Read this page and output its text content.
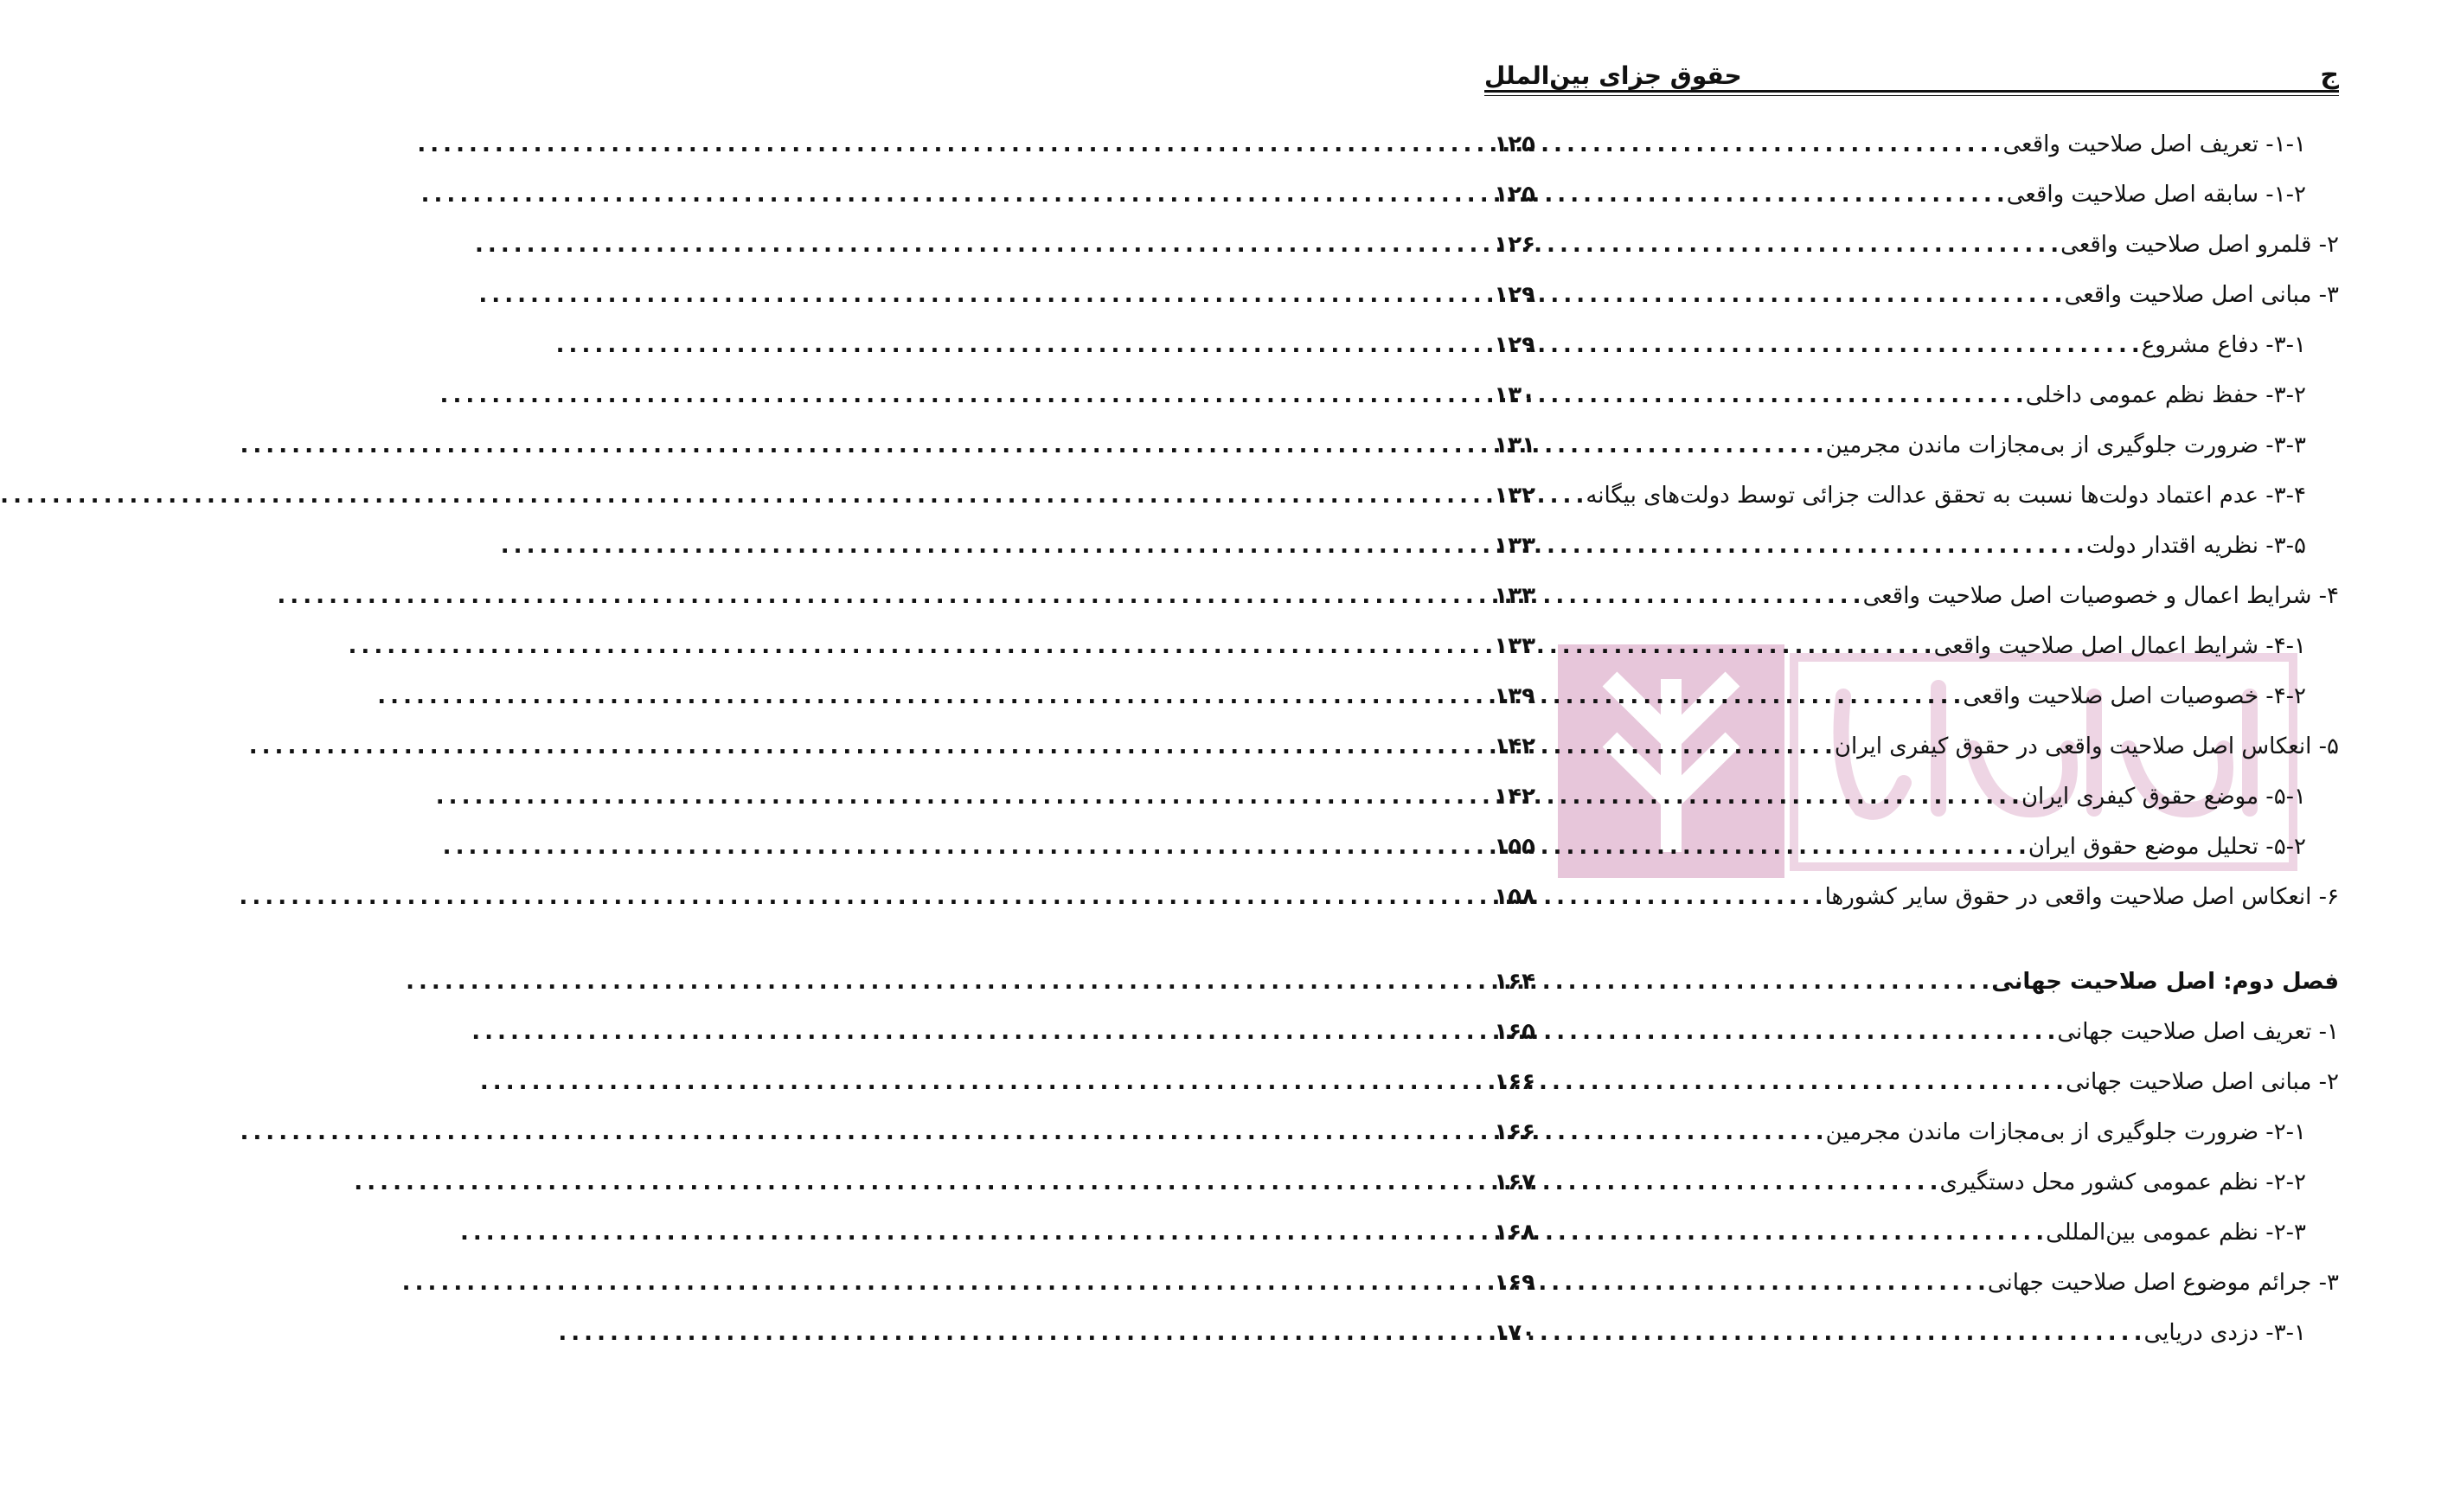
ج
حقوق جزای بین‌الملل
۱-۱- تعریف اصل صلاحیت واقعی
. . .
۱۲۵
۱-۲- سابقه اصل صلاحیت واقعی
. . .
۱۲۵
۲- قلمرو اصل صلاحیت واقعی
. . .
۱۲۶
۳- مبانی اصل صلاحیت واقعی
. . .
۱۲۹
۳-۱- دفاع مشروع
. . .
۱۲۹
۳-۲- حفظ نظم عمومی داخلی
. . .
۱۳۰
۳-۳- ضرورت جلوگیری از بی‌مجازات ماندن مجرمین
. . .
۱۳۱
۳-۴- عدم اعتماد دولت‌ها نسبت به تحقق عدالت جزائی توسط دولت‌های بیگانه
. . .
۱۳۲
۳-۵- نظریه اقتدار دولت
. . .
۱۳۳
۴- شرایط اعمال و خصوصیات اصل صلاحیت واقعی
. . .
۱۳۳
۴-۱- شرایط اعمال اصل صلاحیت واقعی
. . .
۱۳۳
۴-۲- خصوصیات اصل صلاحیت واقعی
. . .
۱۳۹
۵- انعکاس اصل صلاحیت واقعی در حقوق کیفری ایران
. . .
۱۴۲
۵-۱- موضع حقوق کیفری ایران
. . .
۱۴۲
۵-۲- تحلیل موضع حقوق ایران
. . .
۱۵۵
۶- انعکاس اصل صلاحیت واقعی در حقوق سایر کشورها
. . .
۱۵۸
فصل دوم: اصل صلاحیت جهانی
. . .
۱۶۴
۱- تعریف اصل صلاحیت جهانی
. . .
۱۶۵
۲- مبانی اصل صلاحیت جهانی
. . .
۱۶۶
۲-۱- ضرورت جلوگیری از بی‌مجازات ماندن مجرمین
. . .
۱۶۶
۲-۲- نظم عمومی کشور محل دستگیری
. . .
۱۶۷
۲-۳- نظم عمومی بین‌المللی
. . .
۱۶۸
۳- جرائم موضوع اصل صلاحیت جهانی
. . .
۱۶۹
۳-۱- دزدی دریایی
. . .
۱۷۰
